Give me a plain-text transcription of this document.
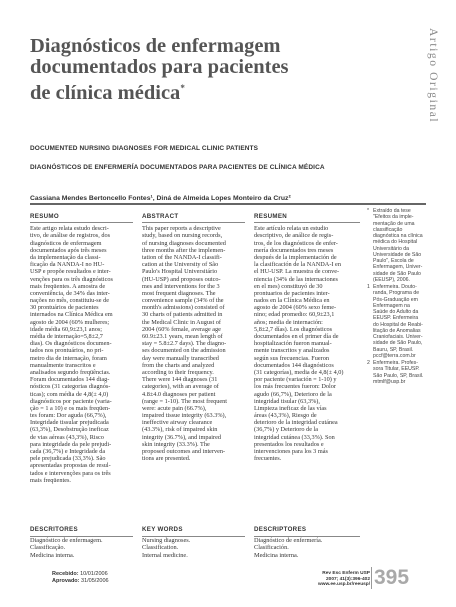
Diagnósticos de enfermagem
documentados para pacientes
de clínica médica*	Artigo Original
DOCUMENTED NURSING DIAGNOSES FOR MEDICAL CLINIC PATIENTS
DIAGNÓSTICOS DE ENFERMERÍA DOCUMENTADOS PARA PACIENTES DE CLÍNICA MÉDICA
Cassiana Mendes Bertoncello Fontes¹, Diná de Almeida Lopes Monteiro da Cruz²
RESUMO
Este artigo relata estudo descri-
tivo, de análise de registros, dos
diagnósticos de enfermagem
documentados após três meses
da implementação da classi-
ficação da NANDA-I no HU-
USP e propõe resultados e inter-
venções para os três diagnósticos
mais freqüentes. A amostra de
conveniência, de 34% das inter-
nações no mês, constituiu-se de
30 prontuários de pacientes
internados na Clínica Médica em
agosto de 2004 (60% mulheres;
idade média 60,9±23,1 anos;
média de internação=5,8±2,7
dias). Os diagnósticos documen-
tados nos prontuários, no pri-
meiro dia de internação, foram
manualmente transcritos e
analisados segundo freqüências.
Foram documentados 144 diag-
nósticos (31 categorias diagnós-
ticas); com média de 4,8(± 4,0)
diagnósticos por paciente (varia-
ção = 1 a 10) e os mais freqüen-
tes foram: Dor aguda (66,7%),
Integridade tissular prejudicada
(63,3%), Desobstrução ineficaz
de vias aéreas (43,3%), Risco
para integridade da pele prejudi-
cada (36,7%) e Integridade da
pele prejudicada (33,3%). São
apresentadas propostas de resul-
tados e intervenções para os três
mais freqüentes.
ABSTRACT
This paper reports a descriptive
study, based on nursing records,
of nursing diagnoses documented
three months after the implemen-
tation of the NANDA-I classifi-
cation at the University of São
Paulo's Hospital Universitário
(HU-USP) and proposes outco-
mes and interventions for the 3
most frequent diagnoses. The
convenience sample (34% of the
month's admissions) consisted of
30 charts of patients admitted in
the Medical Clinic in August of
2004 (60% female, average age
60.9±23.1 years, mean length of
stay = 5.8±2.7 days). The diagno-
ses documented on the admission
day were manually transcribed
from the charts and analyzed
according to their frequency.
There were 144 diagnoses (31
categories), with an average of
4.8±4.0 diagnoses per patient
(range = 1-10). The most frequent
were: acute pain (66.7%),
impaired tissue integrity (63.3%),
ineffective airway clearance
(43.3%), risk of impaired skin
integrity (36.7%), and impaired
skin integrity (33.3%). The
proposed outcomes and interven-
tions are presented.
RESUMEN
Este artículo relata un estudio
descriptivo, de análice de regis-
tros, de los diagnósticos de enfer-
mería documentados tres meses
después de la implementación de
la clasificación de la NANDA-I en
el HU-USP. La muestra de conve-
niencia (34% de las internaciones
en el mes) constituyó de 30
prontuarios de pacientes inter-
nados en la Clínica Médica en
agosto de 2004 (60% sexo feme-
nino; edad promedio: 60,9±23,1
años; media de internación:
5,8±2,7 días). Los diagnósticos
documentados en el primer día de
hospitalización fueron manual-
mente transcritos y analizados
según sus frecuencias. Fueron
documentados 144 diagnósticos
(31 categorías), media de 4,8(± 4,0)
por paciente (variación = 1-10) y
los más frecuentes fueron: Dolor
agudo (66,7%), Deterioro de la
integridad tisular (63,3%),
Limpieza ineficaz de las vías
áreas (43,3%), Riesgo de
deterioro de la integridad cutánea
(36,7%) y Deterioro de la
integridad cutánea (33,3%). Son
presentados los resultados e
intervenciones para los 3 más
frecuentes.
* Extraído da tese
"Efeitos da imple-
mentação de uma
classificação
diagnóstica na clínica
médica do Hospital
Universitário da
Universidade de São
Paulo", Escola de
Enfermagem, Univer-
sidade de São Paulo
(EEUSP), 2006.
1 Enfermeira. Douto-
randa, Programa de
Pós-Graduação em
Enfermagem na
Saúde do Adulto da
EEUSP. Enfermeira
do Hospital de Reabi-
litação de Anomalias
Craniofaciais. Univer-
sidade de São Paulo,
Bauru, SP, Brasil.
pccf@terra.com.br
2 Enfermeira. Profes-
sora Titular, EEUSP.
São Paulo, SP, Brasil.
mtmlf@usp.br
DESCRITORES
Diagnóstico de enfermagem.
Classificação.
Medicina interna.
KEY WORDS
Nursing diagnoses.
Classification.
Internal medicine.
DESCRIPTORES
Diagnóstico de enfermería.
Clasificación.
Medicina interna.
Recebido: 10/01/2006
Aprovado: 31/05/2006
Rev Esc Enferm USP
2007; 41(3):396-402
www.ee.usp.br/reeusp/ 395
